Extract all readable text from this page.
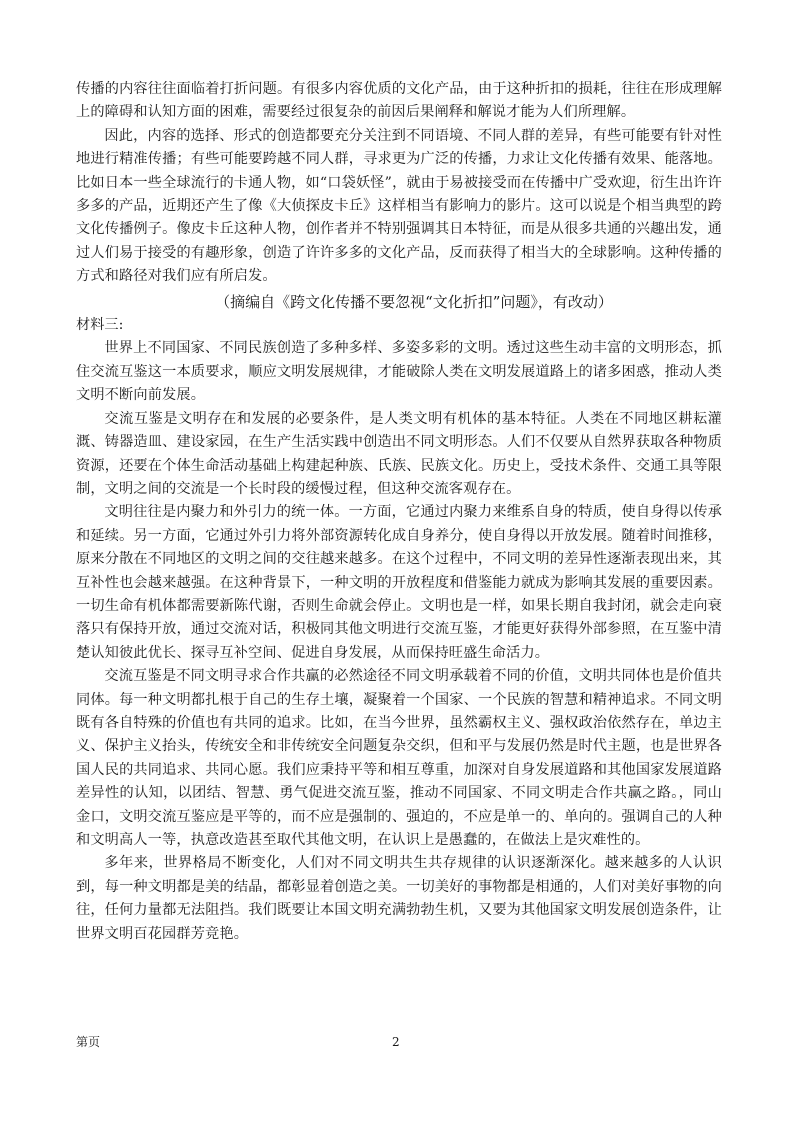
传播的内容往往面临着打折问题。有很多内容优质的文化产品，由于这种折扣的损耗，往往在形成理解上的障碍和认知方面的困难，需要经过很复杂的前因后果阐释和解说才能为人们所理解。

因此，内容的选择、形式的创造都要充分关注到不同语境、不同人群的差异，有些可能要有针对性地进行精准传播；有些可能要跨越不同人群，寻求更为广泛的传播，力求让文化传播有效果、能落地。比如日本一些全球流行的卡通人物，如“口袋妖怪”，就由于易被接受而在传播中广受欢迎，衍生出许许多多的产品，近期还产生了像《大侦探皮卡丘》这样相当有影响力的影片。这可以说是个相当典型的跨文化传播例子。像皮卡丘这种人物，创作者并不特别强调其日本特征，而是从很多共通的兴趣出发，通过人们易于接受的有趣形象，创造了许许多多的文化产品，反而获得了相当大的全球影响。这种传播的方式和路径对我们应有所启发。

（摘编自《跨文化传播不要忽视“文化折扣”问题》，有改动）

材料三:

世界上不同国家、不同民族创造了多种多样、多姿多彩的文明。透过这些生动丰富的文明形态，抓住交流互鉴这一本质要求，顺应文明发展规律，才能破除人类在文明发展道路上的诸多困惑，推动人类文明不断向前发展。

交流互鉴是文明存在和发展的必要条件，是人类文明有机体的基本特征。人类在不同地区耕耘灌溉、铸器造皿、建设家园，在生产生活实践中创造出不同文明形态。人们不仅要从自然界获取各种物质资源，还要在个体生命活动基础上构建起种族、氏族、民族文化。历史上，受技术条件、交通工具等限制，文明之间的交流是一个长时段的缓慢过程，但这种交流客观存在。

文明往往是内聚力和外引力的统一体。一方面，它通过内聚力来维系自身的特质，使自身得以传承和延续。另一方面，它通过外引力将外部资源转化成自身养分，使自身得以开放发展。随着时间推移，原来分散在不同地区的文明之间的交往越来越多。在这个过程中，不同文明的差异性逐渐表现出来，其互补性也会越来越强。在这种背景下，一种文明的开放程度和借鉴能力就成为影响其发展的重要因素。一切生命有机体都需要新陈代谢，否则生命就会停止。文明也是一样，如果长期自我封闭，就会走向衰落只有保持开放，通过交流对话，积极同其他文明进行交流互鉴，才能更好获得外部参照，在互鉴中清楚认知彼此优长、探寻互补空间、促进自身发展，从而保持旺盛生命活力。

交流互鉴是不同文明寻求合作共赢的必然途径不同文明承载着不同的价值，文明共同体也是价值共同体。每一种文明都扎根于自己的生存土壤，凝聚着一个国家、一个民族的智慧和精神追求。不同文明既有各自特殊的价值也有共同的追求。比如，在当今世界，虽然霸权主义、强权政治依然存在，单边主义、保护主义抬头，传统安全和非传统安全问题复杂交织，但和平与发展仍然是时代主题，也是世界各国人民的共同追求、共同心愿。我们应秉持平等和相互尊重，加深对自身发展道路和其他国家发展道路差异性的认知，以团结、智慧、勇气促进交流互鉴，推动不同国家、不同文明走合作共赢之路。，同山金口，文明交流互鉴应是平等的，而不应是强制的、强迫的，不应是单一的、单向的。强调自己的人种和文明高人一等，执意改造甚至取代其他文明，在认识上是愚蠢的，在做法上是灾难性的。

多年来，世界格局不断变化，人们对不同文明共生共存规律的认识逐渐深化。越来越多的人认识到，每一种文明都是美的结晶，都彰显着创造之美。一切美好的事物都是相通的，人们对美好事物的向往，任何力量都无法阻挡。我们既要让本国文明充满勃勃生机，又要为其他国家文明发展创造条件，让世界文明百花园群芳竞艳。

第页	2
